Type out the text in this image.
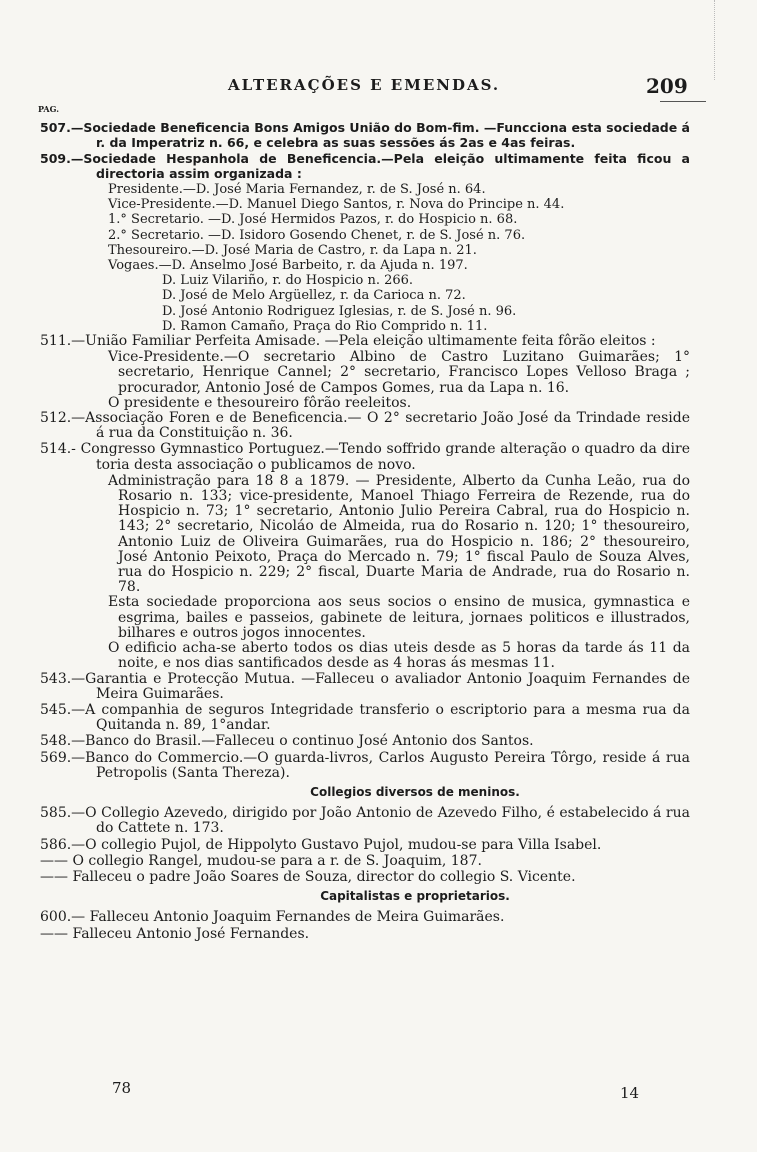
ALTERAÇÕES E EMENDAS.	209
PAG.

507.—Sociedade Beneficencia Bons Amigos União do Bom-fim. —Funcciona esta sociedade á r. da Imperatriz n. 66, e celebra as suas sessões ás 2as e 4as feiras.

509.—Sociedade Hespanhola de Beneficencia.—Pela eleição ultimamente feita ficou a directoria assim organizada :

Presidente.—D. José Maria Fernandez, r. de S. José n. 64.

Vice-Presidente.—D. Manuel Diego Santos, r. Nova do Principe n. 44.

1.° Secretario. —D. José Hermidos Pazos, r. do Hospicio n. 68.

2.° Secretario. —D. Isidoro Gosendo Chenet, r. de S. José n. 76.

Thesoureiro.—D. José Maria de Castro, r. da Lapa n. 21.

Vogaes.—D. Anselmo José Barbeito, r. da Ajuda n. 197.

D. Luiz Vilariño, r. do Hospicio n. 266.

D. José de Melo Argüellez, r. da Carioca n. 72.

D. José Antonio Rodriguez Iglesias, r. de S. José n. 96.

D. Ramon Camaño, Praça do Rio Comprido n. 11.

511.—União Familiar Perfeita Amisade. —Pela eleição ultimamente feita fôrão eleitos :

Vice-Presidente.—O secretario Albino de Castro Luzitano Guimarães; 1° secretario, Henrique Cannel; 2° secretario, Francisco Lopes Velloso Braga ; procurador, Antonio José de Campos Gomes, rua da Lapa n. 16.

O presidente e thesoureiro fôrão reeleitos.

512.—Associação Foren e de Beneficencia.— O 2° secretario João José da Trindade reside á rua da Constituição n. 36.

514.- Congresso Gymnastico Portuguez.—Tendo soffrido grande alteração o quadro da dire toria desta associação o publicamos de novo.

Administração para 18 8 a 1879. — Presidente, Alberto da Cunha Leão, rua do Rosario n. 133; vice-presidente, Manoel Thiago Ferreira de Rezende, rua do Hospicio n. 73; 1° secretario, Antonio Julio Pereira Cabral, rua do Hospicio n. 143; 2° secretario, Nicoláo de Almeida, rua do Rosario n. 120; 1° thesoureiro, Antonio Luiz de Oliveira Guimarães, rua do Hospicio n. 186; 2° thesoureiro, José Antonio Peixoto, Praça do Mercado n. 79; 1° fiscal Paulo de Souza Alves, rua do Hospicio n. 229; 2° fiscal, Duarte Maria de Andrade, rua do Rosario n. 78.

Esta sociedade proporciona aos seus socios o ensino de musica, gymnastica e esgrima, bailes e passeios, gabinete de leitura, jornaes politicos e illustrados, bilhares e outros jogos innocentes.

O edificio acha-se aberto todos os dias uteis desde as 5 horas da tarde ás 11 da noite, e nos dias santificados desde as 4 horas ás mesmas 11.

543.—Garantia e Protecção Mutua. —Falleceu o avaliador Antonio Joaquim Fernandes de Meira Guimarães.

545.—A companhia de seguros Integridade transferio o escriptorio para a mesma rua da Quitanda n. 89, 1°andar.

548.—Banco do Brasil.—Falleceu o continuo José Antonio dos Santos.

569.—Banco do Commercio.—O guarda-livros, Carlos Augusto Pereira Tôrgo, reside á rua Petropolis (Santa Thereza).

Collegios diversos de meninos.

585.—O Collegio Azevedo, dirigido por João Antonio de Azevedo Filho, é estabelecido á rua do Cattete n. 173.

586.—O collegio Pujol, de Hippolyto Gustavo Pujol, mudou-se para Villa Isabel.

—— O collegio Rangel, mudou-se para a r. de S. Joaquim, 187.

—— Falleceu o padre João Soares de Souza, director do collegio S. Vicente.

Capitalistas e proprietarios.

600.— Falleceu Antonio Joaquim Fernandes de Meira Guimarães.

—— Falleceu Antonio José Fernandes.

78	14
